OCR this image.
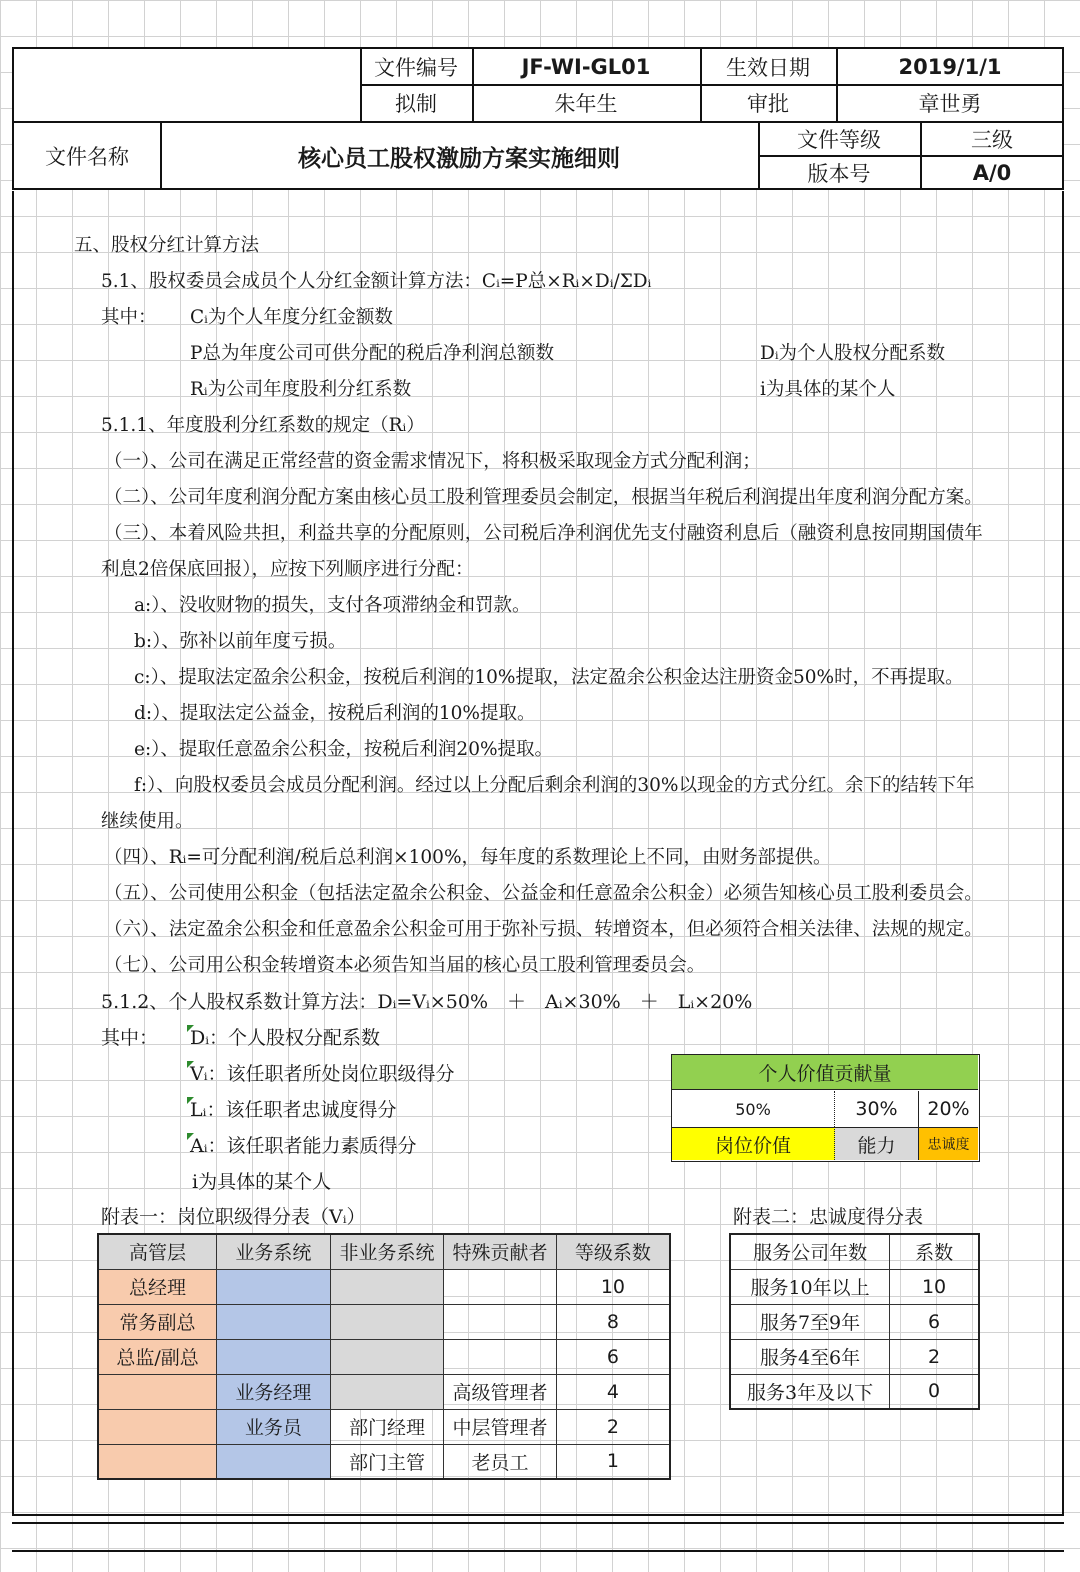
文件编号	JF-WI-GL01	生效日期	2019/1/1
拟制	朱年生	审批	章世勇
文件名称	核心员工股权激励方案实施细则
文件等级	三级
版本号	A/0
五、股权分红计算方法
5.1、股权委员会成员个人分红金额计算方法：Cᵢ=P总×Rᵢ×Dᵢ/ΣDᵢ
其中： Cᵢ为个人年度分红金额数
P总为年度公司可供分配的税后净利润总额数	Dᵢ为个人股权分配系数
Rᵢ为公司年度股利分红系数	i为具体的某个人
5.1.1、年度股利分红系数的规定（Rᵢ）
（一）、公司在满足正常经营的资金需求情况下，将积极采取现金方式分配利润；
（二）、公司年度利润分配方案由核心员工股利管理委员会制定，根据当年税后利润提出年度利润分配方案。
（三）、本着风险共担，利益共享的分配原则，公司税后净利润优先支付融资利息后（融资利息按同期国债年
利息2倍保底回报），应按下列顺序进行分配：
a:）、没收财物的损失，支付各项滞纳金和罚款。
b:）、弥补以前年度亏损。
c:）、提取法定盈余公积金，按税后利润的10%提取，法定盈余公积金达注册资金50%时，不再提取。
d:）、提取法定公益金，按税后利润的10%提取。
e:）、提取任意盈余公积金，按税后利润20%提取。
f:）、向股权委员会成员分配利润。经过以上分配后剩余利润的30%以现金的方式分红。余下的结转下年
继续使用。
（四）、Rᵢ=可分配利润/税后总利润×100%，每年度的系数理论上不同，由财务部提供。
（五）、公司使用公积金（包括法定盈余公积金、公益金和任意盈余公积金）必须告知核心员工股利委员会。
（六）、法定盈余公积金和任意盈余公积金可用于弥补亏损、转增资本，但必须符合相关法律、法规的规定。
（七）、公司用公积金转增资本必须告知当届的核心员工股利管理委员会。
5.1.2、个人股权系数计算方法：Dᵢ=Vᵢ×50%　＋　Aᵢ×30%　＋　Lᵢ×20%
其中： Dᵢ：个人股权分配系数
Vᵢ：该任职者所处岗位职级得分
Lᵢ：该任职者忠诚度得分
Aᵢ：该任职者能力素质得分
i为具体的某个人
个人价值贡献量
50%	30%	20%
岗位价值	能力	忠诚度
附表一：岗位职级得分表（Vᵢ）	附表二：忠诚度得分表
高管层	业务系统	非业务系统	特殊贡献者	等级系数
总经理				10
常务副总				8
总监/副总				6
	业务经理		高级管理者	4
	业务员	部门经理	中层管理者	2
		部门主管	老员工	1
服务公司年数	系数
服务10年以上	10
服务7至9年	6
服务4至6年	2
服务3年及以下	0
